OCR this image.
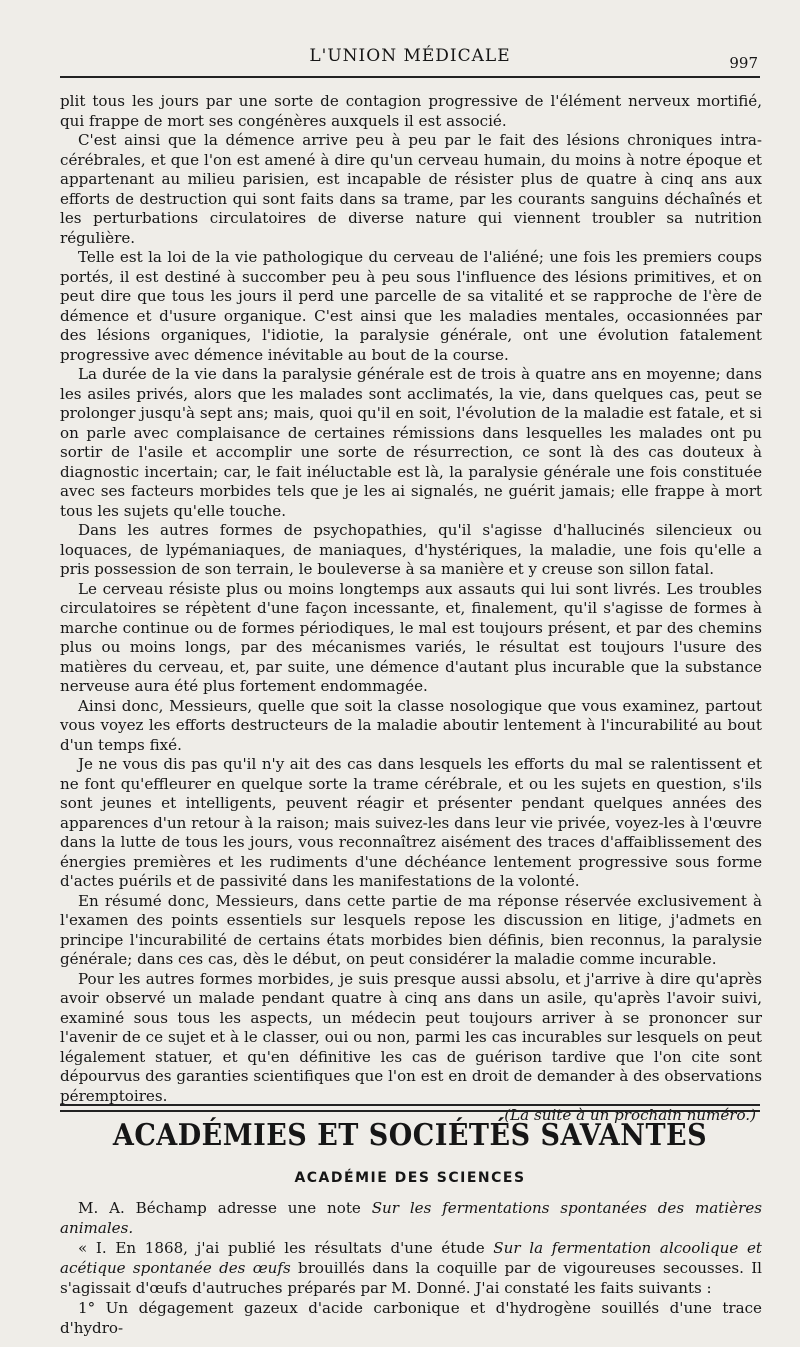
L'UNION MÉDICALE	997

plit tous les jours par une sorte de contagion progressive de l'élément nerveux mortifié, qui frappe de mort ses congénères auxquels il est associé.

C'est ainsi que la démence arrive peu à peu par le fait des lésions chroniques intra-cérébrales, et que l'on est amené à dire qu'un cerveau humain, du moins à notre époque et appartenant au milieu parisien, est incapable de résister plus de quatre à cinq ans aux efforts de destruction qui sont faits dans sa trame, par les courants sanguins déchaînés et les perturbations circulatoires de diverse nature qui viennent troubler sa nutrition régulière.

Telle est la loi de la vie pathologique du cerveau de l'aliéné; une fois les premiers coups portés, il est destiné à succomber peu à peu sous l'influence des lésions primitives, et on peut dire que tous les jours il perd une parcelle de sa vitalité et se rapproche de l'ère de démence et d'usure organique. C'est ainsi que les maladies mentales, occasionnées par des lésions organiques, l'idiotie, la paralysie générale, ont une évolution fatalement progressive avec démence inévitable au bout de la course.

La durée de la vie dans la paralysie générale est de trois à quatre ans en moyenne; dans les asiles privés, alors que les malades sont acclimatés, la vie, dans quelques cas, peut se prolonger jusqu'à sept ans; mais, quoi qu'il en soit, l'évolution de la maladie est fatale, et si on parle avec complaisance de certaines rémissions dans lesquelles les malades ont pu sortir de l'asile et accomplir une sorte de résurrection, ce sont là des cas douteux à diagnostic incertain; car, le fait inéluctable est là, la paralysie générale une fois constituée avec ses facteurs morbides tels que je les ai signalés, ne guérit jamais; elle frappe à mort tous les sujets qu'elle touche.

Dans les autres formes de psychopathies, qu'il s'agisse d'hallucinés silencieux ou loquaces, de lypémaniaques, de maniaques, d'hystériques, la maladie, une fois qu'elle a pris possession de son terrain, le bouleverse à sa manière et y creuse son sillon fatal.

Le cerveau résiste plus ou moins longtemps aux assauts qui lui sont livrés. Les troubles circulatoires se répètent d'une façon incessante, et, finalement, qu'il s'agisse de formes à marche continue ou de formes périodiques, le mal est toujours présent, et par des chemins plus ou moins longs, par des mécanismes variés, le résultat est toujours l'usure des matières du cerveau, et, par suite, une démence d'autant plus incurable que la substance nerveuse aura été plus fortement endommagée.

Ainsi donc, Messieurs, quelle que soit la classe nosologique que vous examinez, partout vous voyez les efforts destructeurs de la maladie aboutir lentement à l'incurabilité au bout d'un temps fixé.

Je ne vous dis pas qu'il n'y ait des cas dans lesquels les efforts du mal se ralentissent et ne font qu'effleurer en quelque sorte la trame cérébrale, et ou les sujets en question, s'ils sont jeunes et intelligents, peuvent réagir et présenter pendant quelques années des apparences d'un retour à la raison; mais suivez-les dans leur vie privée, voyez-les à l'œuvre dans la lutte de tous les jours, vous reconnaîtrez aisément des traces d'affaiblissement des énergies premières et les rudiments d'une déchéance lentement progressive sous forme d'actes puérils et de passivité dans les manifestations de la volonté.

En résumé donc, Messieurs, dans cette partie de ma réponse réservée exclusivement à l'examen des points essentiels sur lesquels repose les discussion en litige, j'admets en principe l'incurabilité de certains états morbides bien définis, bien reconnus, la paralysie générale; dans ces cas, dès le début, on peut considérer la maladie comme incurable.

Pour les autres formes morbides, je suis presque aussi absolu, et j'arrive à dire qu'après avoir observé un malade pendant quatre à cinq ans dans un asile, qu'après l'avoir suivi, examiné sous tous les aspects, un médecin peut toujours arriver à se prononcer sur l'avenir de ce sujet et à le classer, oui ou non, parmi les cas incurables sur lesquels on peut légalement statuer, et qu'en définitive les cas de guérison tardive que l'on cite sont dépourvus des garanties scientifiques que l'on est en droit de demander à des observations péremptoires.

(La suite à un prochain numéro.)

ACADÉMIES ET SOCIÉTÉS SAVANTES
ACADÉMIE DES SCIENCES

M. A. Béchamp adresse une note Sur les fermentations spontanées des matières animales.

« I. En 1868, j'ai publié les résultats d'une étude Sur la fermentation alcoolique et acétique spontanée des œufs brouillés dans la coquille par de vigoureuses secousses. Il s'agissait d'œufs d'autruches préparés par M. Donné. J'ai constaté les faits suivants :

1° Un dégagement gazeux d'acide carbonique et d'hydrogène souillés d'une trace d'hydro-
